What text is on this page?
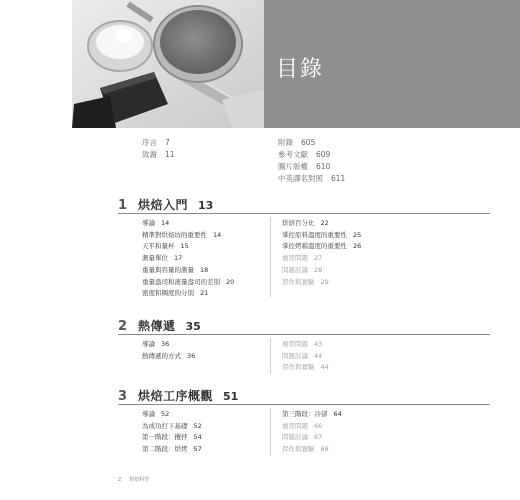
目錄
序言 7
致謝 11
附錄 605
參考文獻 609
圖片版權 610
中英譯名對照 611
1 烘焙入門 13
導論 14
精準對烘焙坊的重要性 14
天平和量杯 15
測量單位 17
重量與容量的測量 18
重量盎司和液量盎司的差別 20
密度和稠度的分別 21
烘焙百分比 22
掌控原料溫度的重要性 25
掌控烤箱溫度的重要性 26
複習問題 27
問題討論 28
習作與實驗 29
2 熱傳遞 35
導論 36
熱傳遞的方式 36
複習問題 43
問題討論 44
習作與實驗 44
3 烘焙工序概觀 51
導論 52
為成功打下基礎 52
第一階段：攪拌 54
第二階段：烘烤 57
第三階段：冷卻 64
複習問題 66
問題討論 67
習作與實驗 68
2 烘焙科學
